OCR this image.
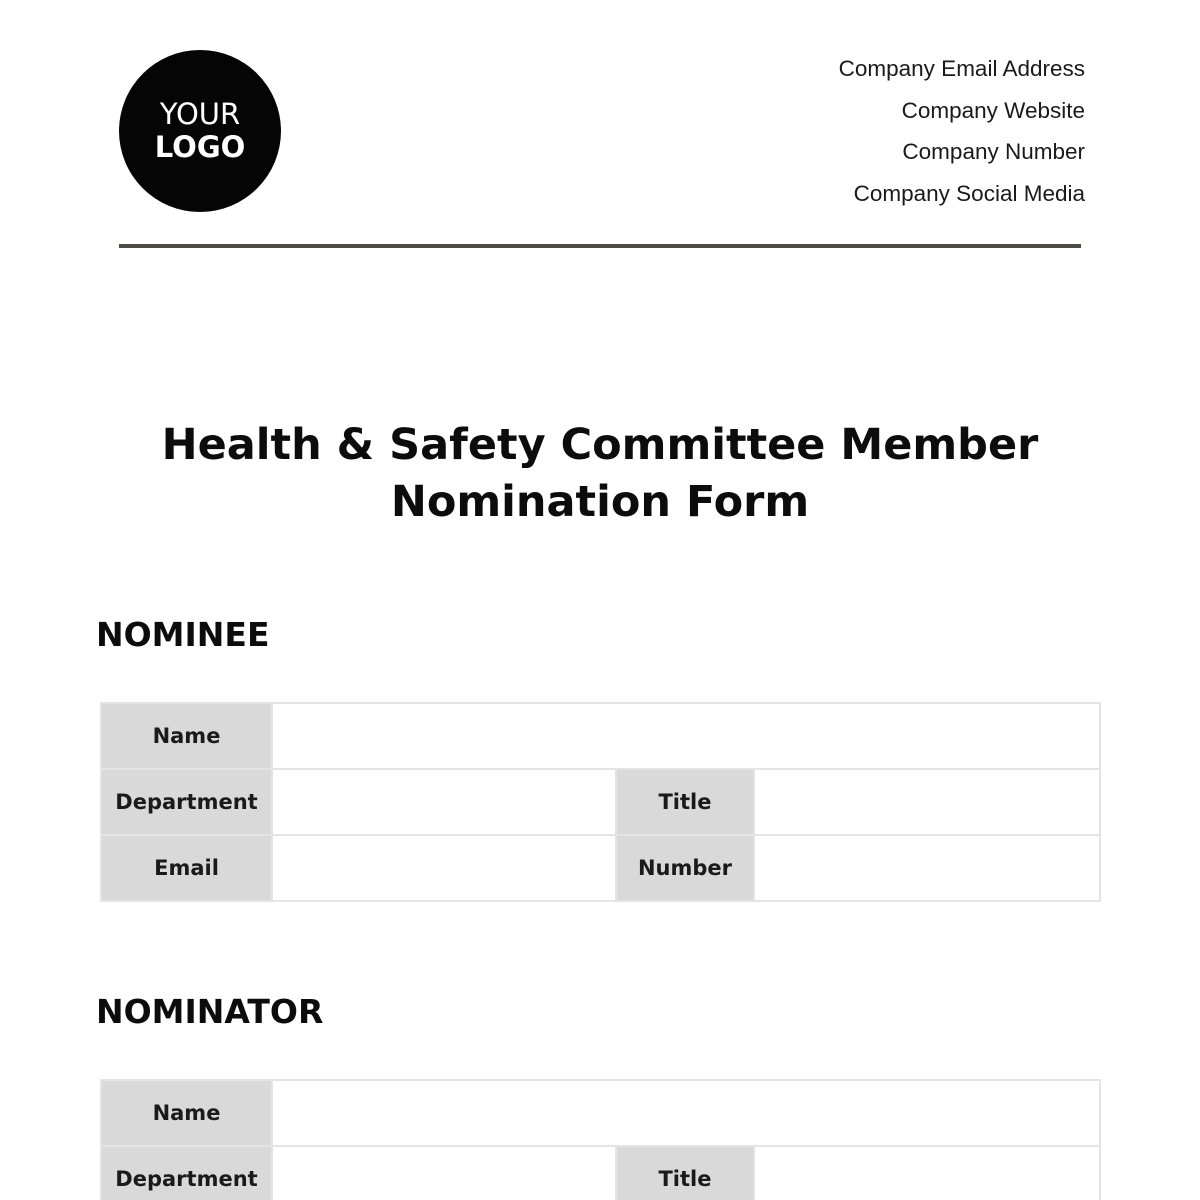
YOUR
LOGO
Company Email Address
Company Website
Company Number
Company Social Media
Health & Safety Committee Member
Nomination Form
NOMINEE
Name			
Department		Title	
Email		Number	
NOMINATOR
Name			
Department		Title	
